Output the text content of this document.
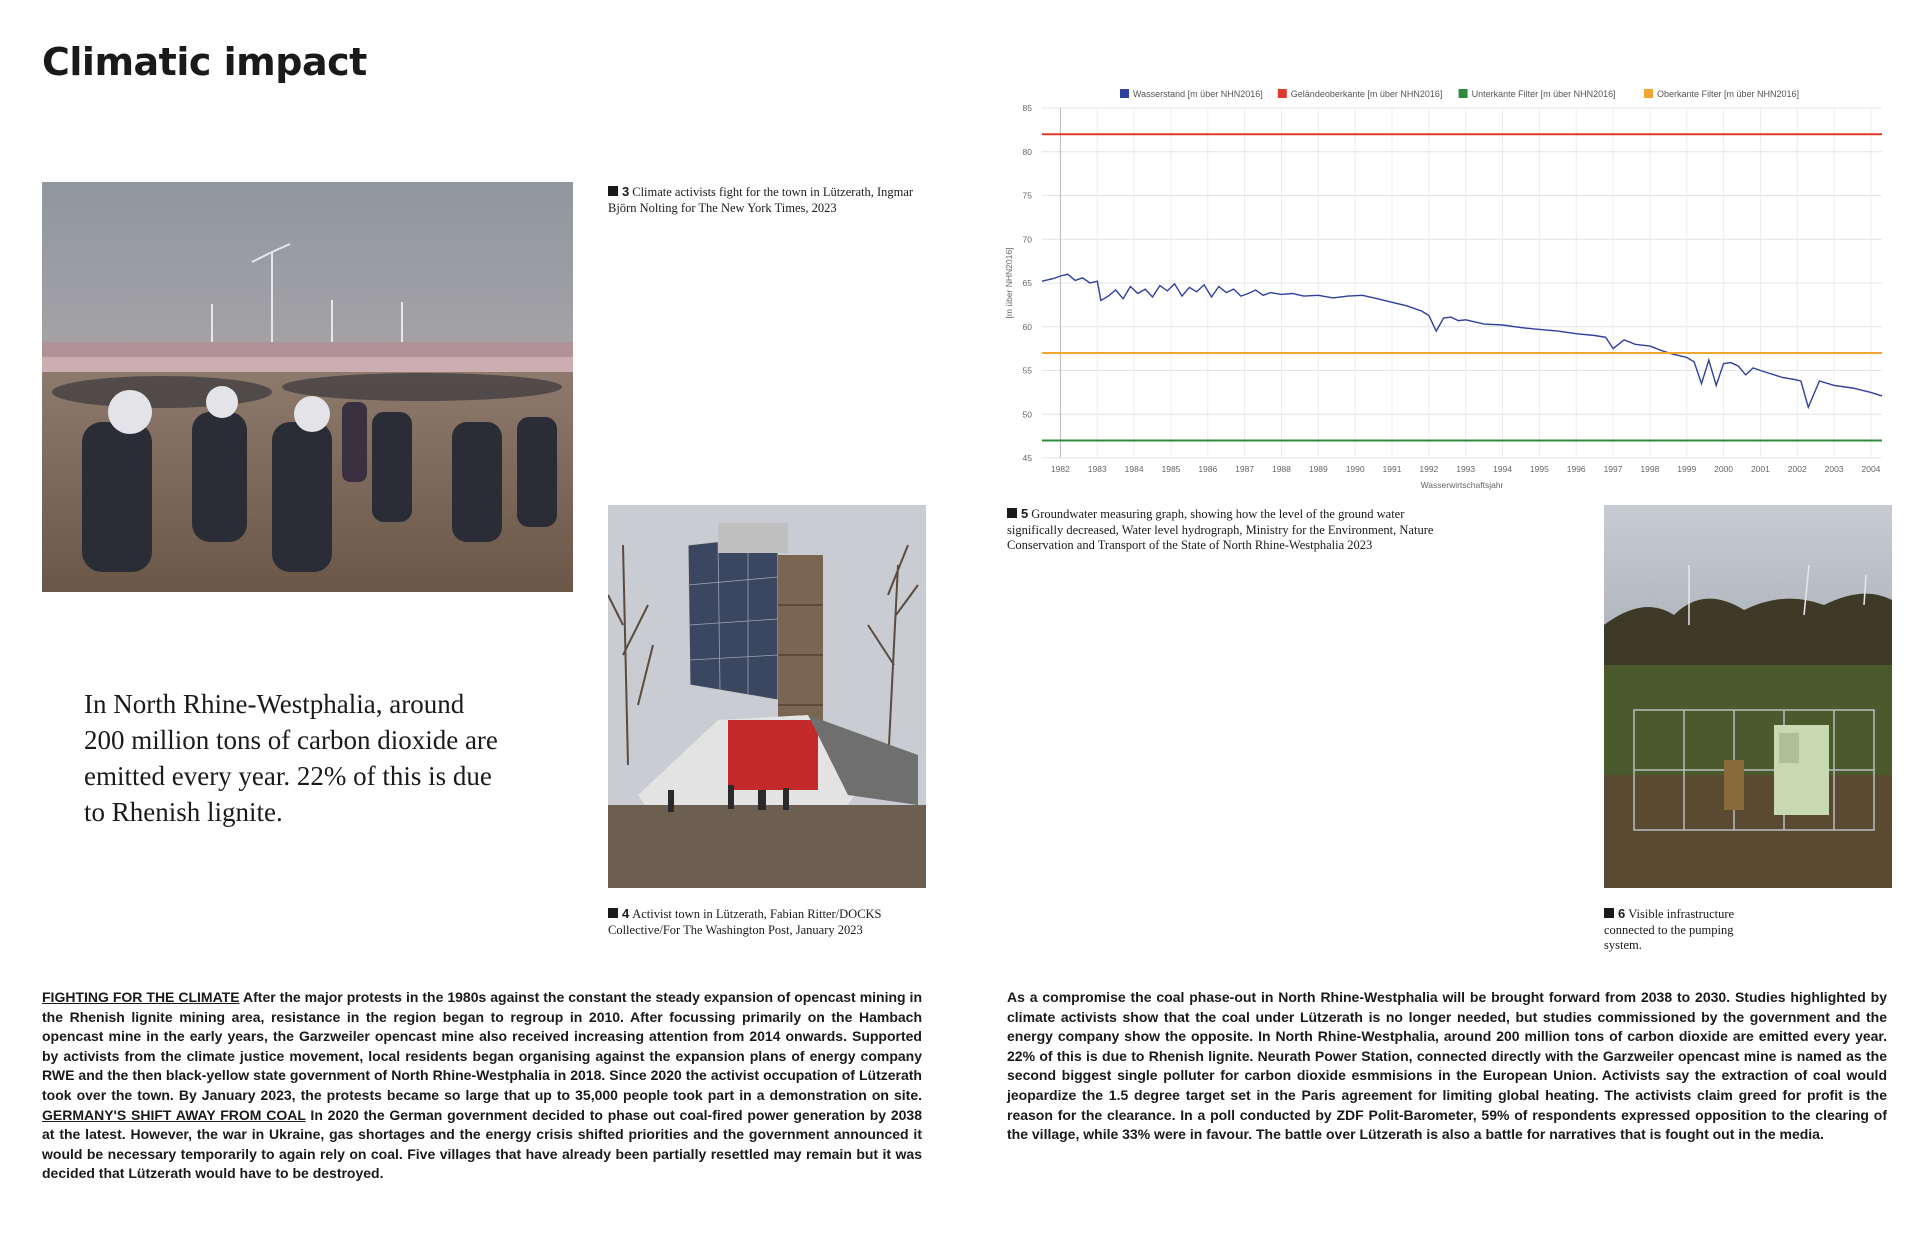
Climatic impact
3 Climate activists fight for the town in Lützerath, Ingmar Björn Nolting for The New York Times, 2023
4 Activist town in Lützerath, Fabian Ritter/DOCKS Collective/For The Washington Post, January 2023
In North Rhine-Westphalia, around 200 million tons of carbon dioxide are emitted every year. 22% of this is due to Rhenish lignite.
45
50
55
60
65
70
75
80
85
1982 1983 1984 1985 1986 1987 1988 1989 1990 1991 1992 1993 1994 1995 1996 1997 1998 1999 2000 2001 2002 2003 2004
Wasserwirtschaftsjahr
[m über NHN2016]
Wasserstand [m über NHN2016]	Geländeoberkante [m über NHN2016]	Unterkante Filter [m über NHN2016]	Oberkante Filter [m über NHN2016]
5 Groundwater measuring graph, showing how the level of the ground water significally decreased, Water level hydrograph, Ministry for the Environment, Nature Conservation and Transport of the State of North Rhine-Westphalia 2023
6 Visible infrastructure connected to the pumping system.
FIGHTING FOR THE CLIMATE After the major protests in the 1980s against the constant the steady expansion of opencast mining in the Rhenish lignite mining area, resistance in the region began to regroup in 2010. After focussing primarily on the Hambach opencast mine in the early years, the Garzweiler opencast mine also received increasing attention from 2014 onwards. Supported by activists from the climate justice movement, local residents began organising against the expansion plans of energy company RWE and the then black-yellow state government of North Rhine-Westphalia in 2018. Since 2020 the activist occupation of Lützerath took over the town. By January 2023, the protests became so large that up to 35,000 people took part in a demonstration on site. GERMANY'S SHIFT AWAY FROM COAL In 2020 the German government decided to phase out coal-fired power generation by 2038 at the latest. However, the war in Ukraine, gas shortages and the energy crisis shifted priorities and the government announced it would be necessary temporarily to again rely on coal. Five villages that have already been partially resettled may remain but it was decided that Lützerath would have to be destroyed.
As a compromise the coal phase-out in North Rhine-Westphalia will be brought forward from 2038 to 2030. Studies highlighted by climate activists show that the coal under Lützerath is no longer needed, but studies commissioned by the government and the energy company show the opposite. In North Rhine-Westphalia, around 200 million tons of carbon dioxide are emitted every year. 22% of this is due to Rhenish lignite. Neurath Power Station, connected directly with the Garzweiler opencast mine is named as the second biggest single polluter for carbon dioxide esmmisions in the European Union. Activists say the extraction of coal would jeopardize the 1.5 degree target set in the Paris agreement for limiting global heating. The activists claim greed for profit is the reason for the clearance. In a poll conducted by ZDF Polit-Barometer, 59% of respondents expressed opposition to the clearing of the village, while 33% were in favour. The battle over Lützerath is also a battle for narratives that is fought out in the media.
